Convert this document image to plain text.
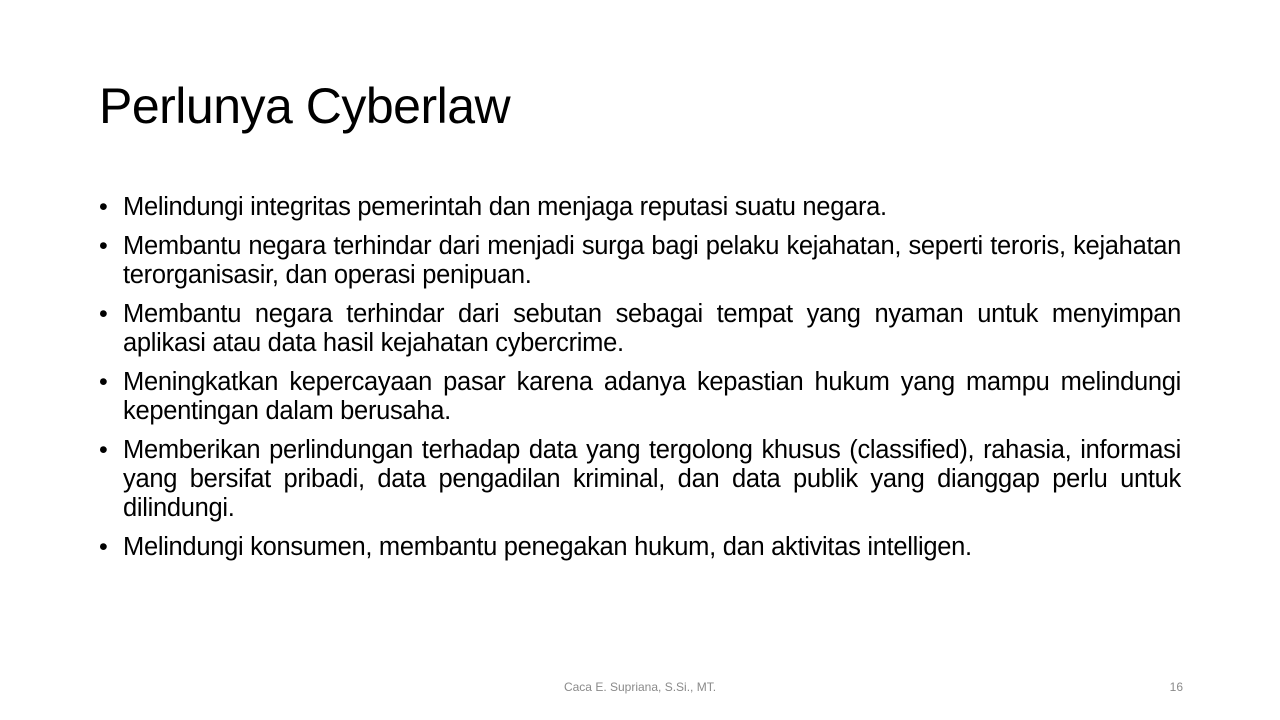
Perlunya Cyberlaw
• Melindungi integritas pemerintah dan menjaga reputasi suatu negara.
• Membantu negara terhindar dari menjadi surga bagi pelaku kejahatan, seperti teroris, kejahatan terorganisasir, dan operasi penipuan.
• Membantu negara terhindar dari sebutan sebagai tempat yang nyaman untuk menyimpan aplikasi atau data hasil kejahatan cybercrime.
• Meningkatkan kepercayaan pasar karena adanya kepastian hukum yang mampu melindungi kepentingan dalam berusaha.
• Memberikan perlindungan terhadap data yang tergolong khusus (classified), rahasia, informasi yang bersifat pribadi, data pengadilan kriminal, dan data publik yang dianggap perlu untuk dilindungi.
• Melindungi konsumen, membantu penegakan hukum, dan aktivitas intelligen.
Caca E. Supriana, S.Si., MT.	16
